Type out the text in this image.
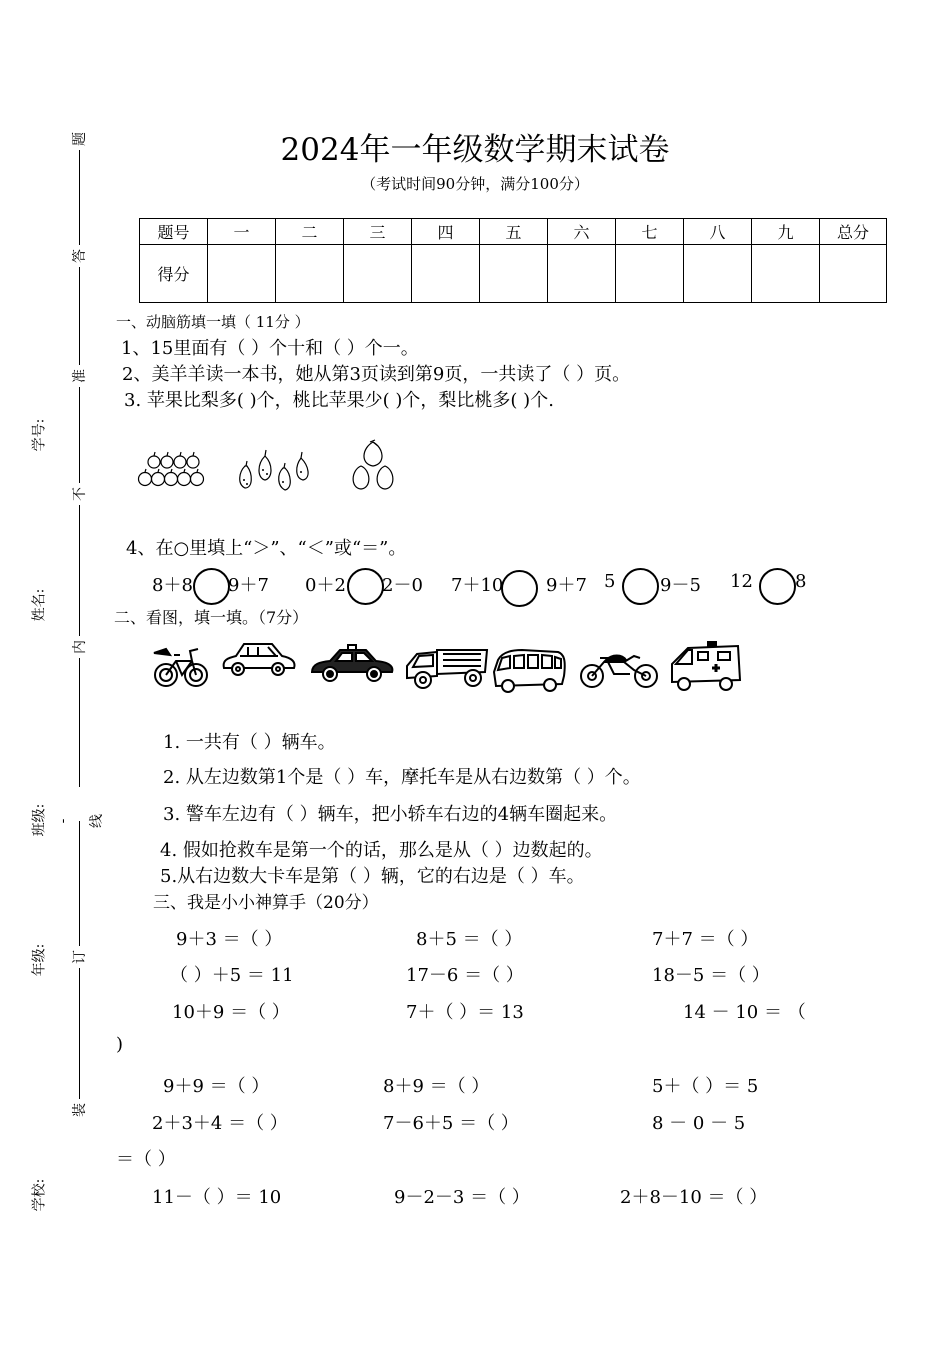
题
答
准
不
内
-线
订
装
学号:
姓名:
班级:
年级:
学校:
2024年一年级数学期末试卷
（考试时间90分钟，满分100分）
题号	一	二	三	四	五	六	七	八	九	总分
得分										
一、动脑筋填一填（ 11分 ）
1、15里面有（ ）个十和（ ）个一。
2、美羊羊读一本书，她从第3页读到第9页，一共读了（ ）页。
3. 苹果比梨多( )个，桃比苹果少( )个，梨比桃多( )个.
4、在○里填上“＞”、“＜”或“＝”。
8＋8 9＋7 0＋2 2－0 7＋10 9＋7 5 9－5 12 8
二、看图，填一填。（7分）
1. 一共有（ ）辆车。
2. 从左边数第1个是（ ）车，摩托车是从右边数第（ ）个。
3. 警车左边有（ ）辆车，把小轿车右边的4辆车圈起来。
4. 假如抢救车是第一个的话，那么是从（ ）边数起的。
5.从右边数大卡车是第（ ）辆，它的右边是（ ）车。
三、我是小小神算手（20分）
9＋3 ＝（ ）	8＋5 ＝（ ）	7＋7 ＝（ ）
（ ）＋5 ＝ 11	17－6 ＝（ ）	18－5 ＝（ ）
10＋9 ＝（ ）	7＋（ ）＝ 13	14 － 10 ＝ （
)
9＋9 ＝（ ）	8＋9 ＝（ ）	5＋（ ）＝ 5
2＋3＋4 ＝（ ）	7－6＋5 ＝（ ）	8 － 0 － 5
＝（ ）
11－（ ）＝ 10	9－2－3 ＝（ ）	2＋8－10 ＝（ ）
